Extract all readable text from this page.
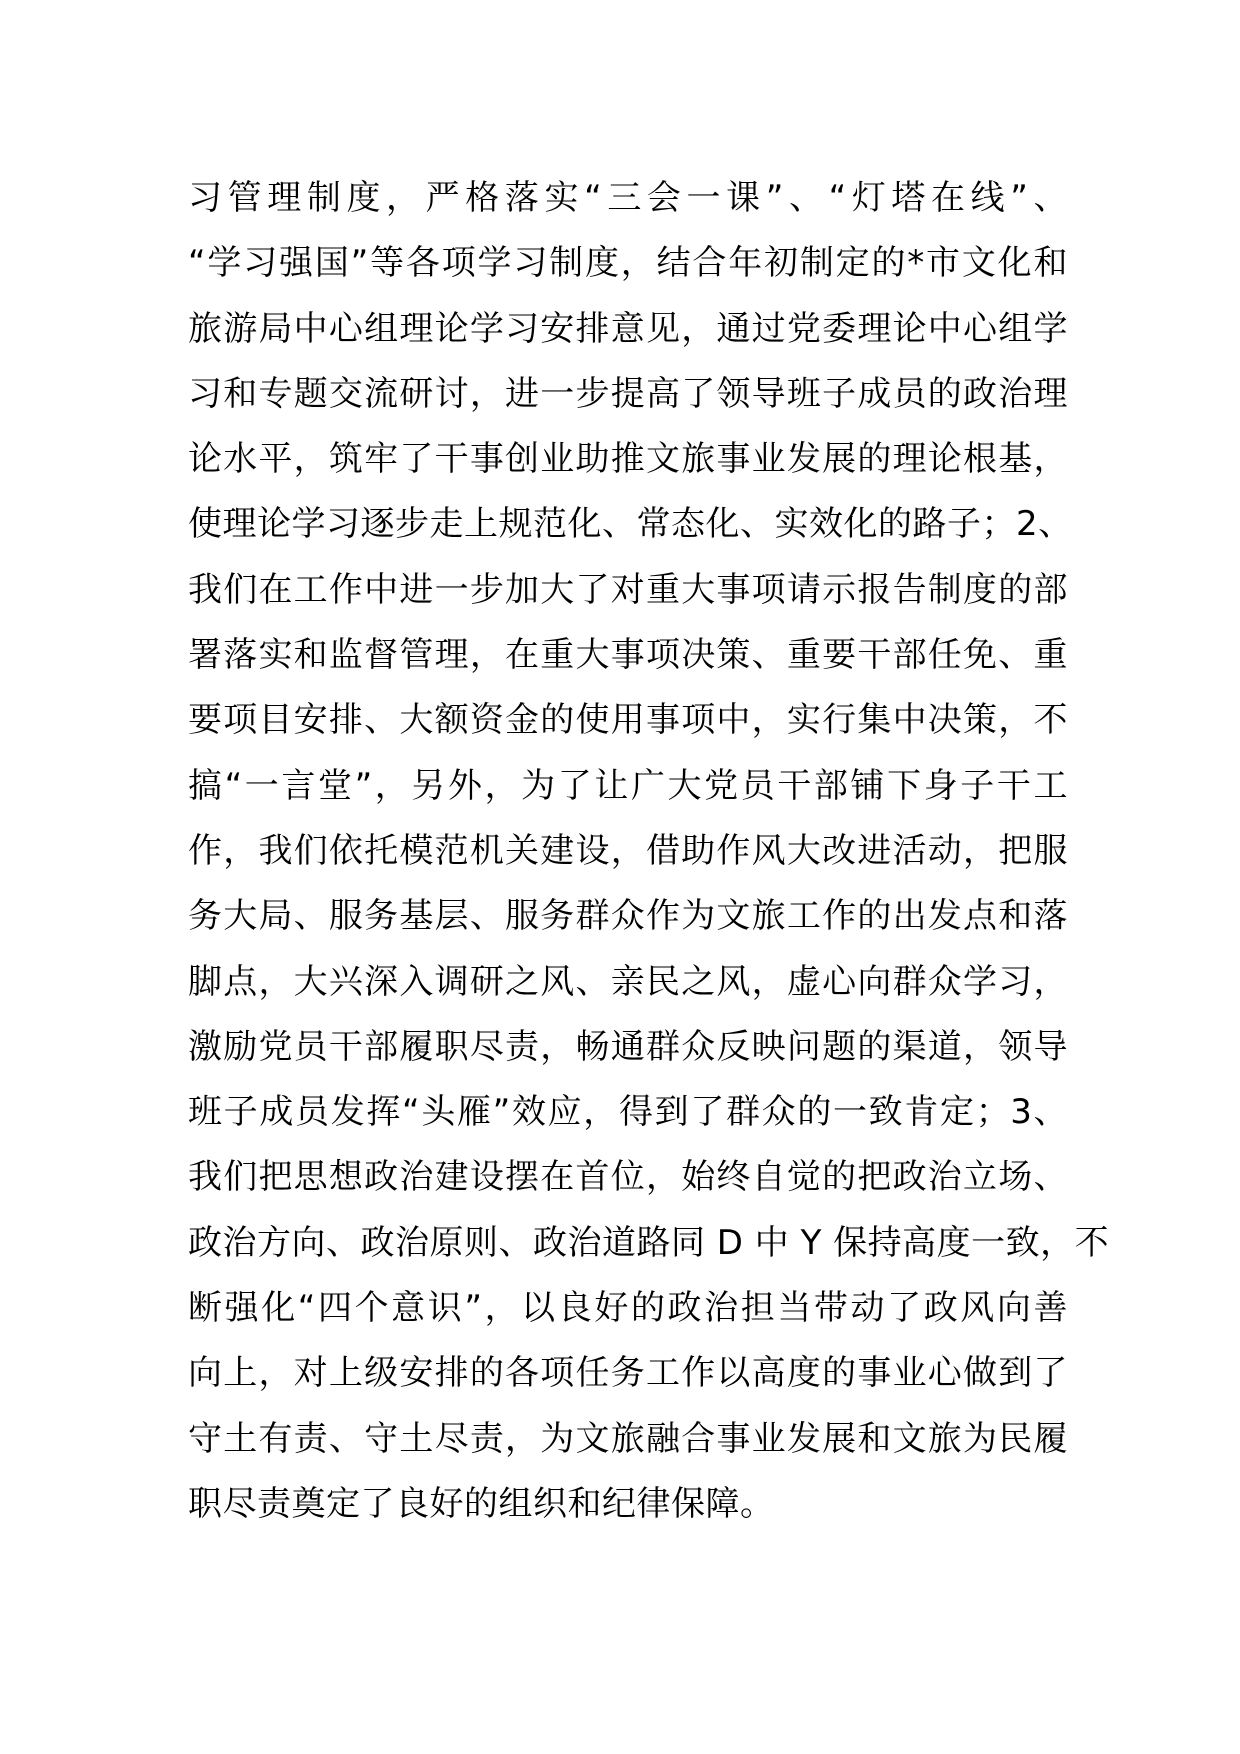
习管理制度，严格落实“三会一课”、“灯塔在线”、
“学习强国”等各项学习制度，结合年初制定的*市文化和
旅游局中心组理论学习安排意见，通过党委理论中心组学
习和专题交流研讨，进一步提高了领导班子成员的政治理
论水平，筑牢了干事创业助推文旅事业发展的理论根基，
使理论学习逐步走上规范化、常态化、实效化的路子；2、
我们在工作中进一步加大了对重大事项请示报告制度的部
署落实和监督管理，在重大事项决策、重要干部任免、重
要项目安排、大额资金的使用事项中，实行集中决策，不
搞“一言堂”，另外，为了让广大党员干部铺下身子干工
作，我们依托模范机关建设，借助作风大改进活动，把服
务大局、服务基层、服务群众作为文旅工作的出发点和落
脚点，大兴深入调研之风、亲民之风，虚心向群众学习，
激励党员干部履职尽责，畅通群众反映问题的渠道，领导
班子成员发挥“头雁”效应，得到了群众的一致肯定；3、
我们把思想政治建设摆在首位，始终自觉的把政治立场、
政治方向、政治原则、政治道路同 D 中 Y 保持高度一致，不
断强化“四个意识”，以良好的政治担当带动了政风向善
向上，对上级安排的各项任务工作以高度的事业心做到了
守土有责、守土尽责，为文旅融合事业发展和文旅为民履
职尽责奠定了良好的组织和纪律保障。
